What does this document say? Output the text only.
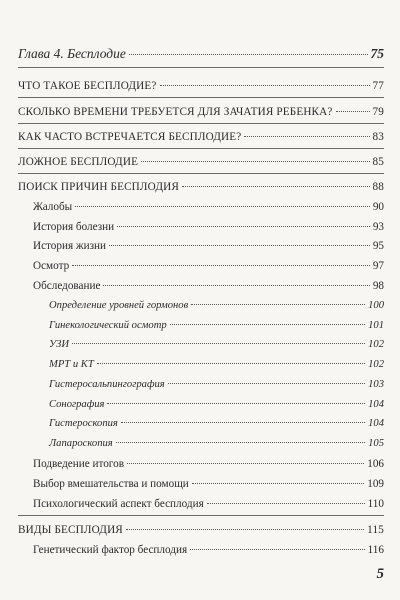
Глава 4. Бесплодие	75
ЧТО ТАКОЕ БЕСПЛОДИЕ?	77
СКОЛЬКО ВРЕМЕНИ ТРЕБУЕТСЯ ДЛЯ ЗАЧАТИЯ РЕБЕНКА?	79
КАК ЧАСТО ВСТРЕЧАЕТСЯ БЕСПЛОДИЕ?	83
ЛОЖНОЕ БЕСПЛОДИЕ	85
ПОИСК ПРИЧИН БЕСПЛОДИЯ	88
Жалобы	90
История болезни	93
История жизни	95
Осмотр	97
Обследование	98
Определение уровней гормонов	100
Гинекологический осмотр	101
УЗИ	102
МРТ и КТ	102
Гистеросальпингография	103
Сонография	104
Гистероскопия	104
Лапароскопия	105
Подведение итогов	106
Выбор вмешательства и помощи	109
Психологический аспект бесплодия	110
ВИДЫ БЕСПЛОДИЯ	115
Генетический фактор бесплодия	116
5
